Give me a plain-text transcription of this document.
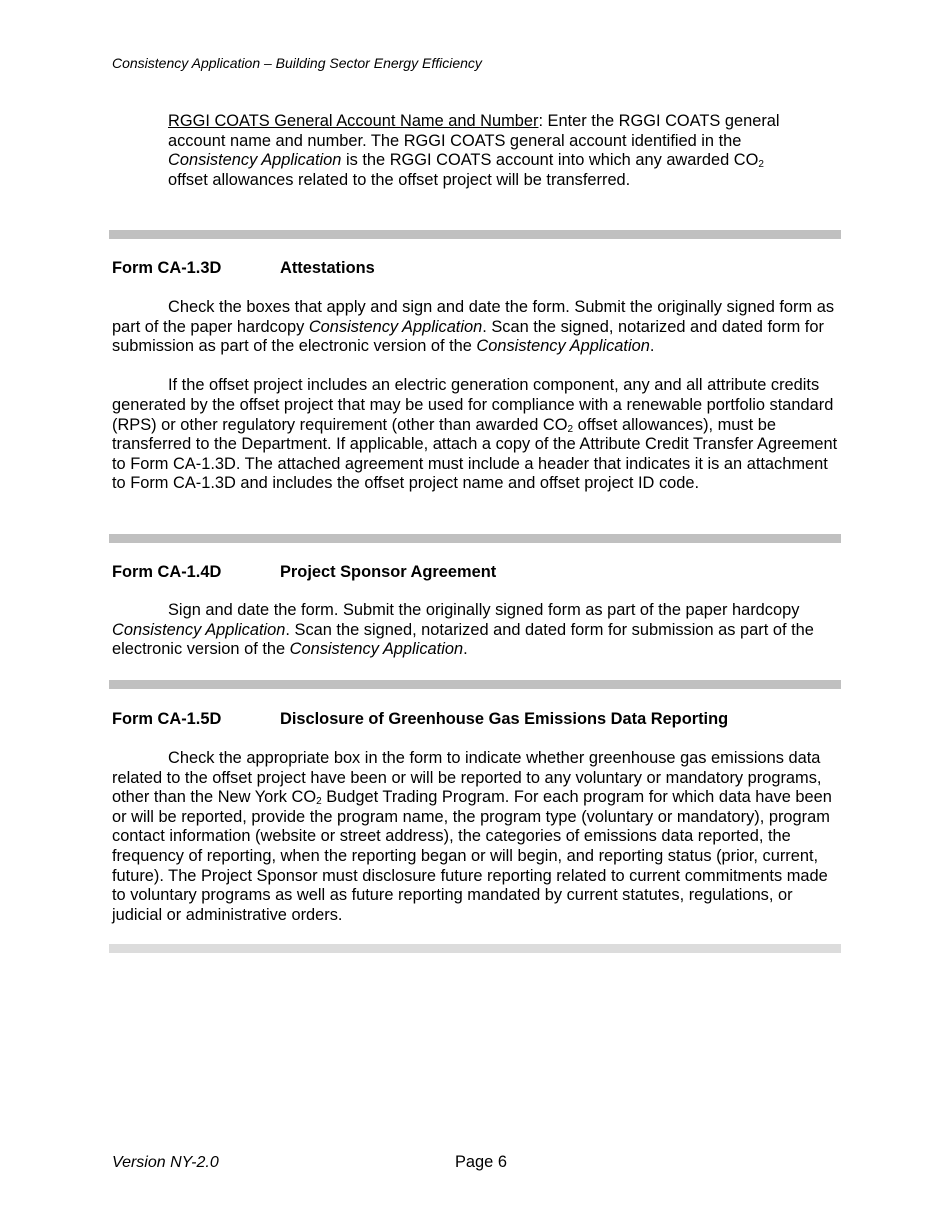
Consistency Application – Building Sector Energy Efficiency
RGGI COATS General Account Name and Number: Enter the RGGI COATS general account name and number. The RGGI COATS general account identified in the Consistency Application is the RGGI COATS account into which any awarded $CO_2$ offset allowances related to the offset project will be transferred.
Form CA-1.3D	Attestations

Check the boxes that apply and sign and date the form. Submit the originally signed form as part of the paper hardcopy Consistency Application. Scan the signed, notarized and dated form for submission as part of the electronic version of the Consistency Application.

If the offset project includes an electric generation component, any and all attribute credits generated by the offset project that may be used for compliance with a renewable portfolio standard (RPS) or other regulatory requirement (other than awarded $CO_2$ offset allowances), must be transferred to the Department. If applicable, attach a copy of the Attribute Credit Transfer Agreement to Form CA-1.3D. The attached agreement must include a header that indicates it is an attachment to Form CA-1.3D and includes the offset project name and offset project ID code.

Form CA-1.4D	Project Sponsor Agreement

Sign and date the form. Submit the originally signed form as part of the paper hardcopy Consistency Application. Scan the signed, notarized and dated form for submission as part of the electronic version of the Consistency Application.

Form CA-1.5D	Disclosure of Greenhouse Gas Emissions Data Reporting

Check the appropriate box in the form to indicate whether greenhouse gas emissions data related to the offset project have been or will be reported to any voluntary or mandatory programs, other than the New York $CO_2$ Budget Trading Program. For each program for which data have been or will be reported, provide the program name, the program type (voluntary or mandatory), program contact information (website or street address), the categories of emissions data reported, the frequency of reporting, when the reporting began or will begin, and reporting status (prior, current, future). The Project Sponsor must disclosure future reporting related to current commitments made to voluntary programs as well as future reporting mandated by current statutes, regulations, or judicial or administrative orders.

Version NY-2.0	Page 6
